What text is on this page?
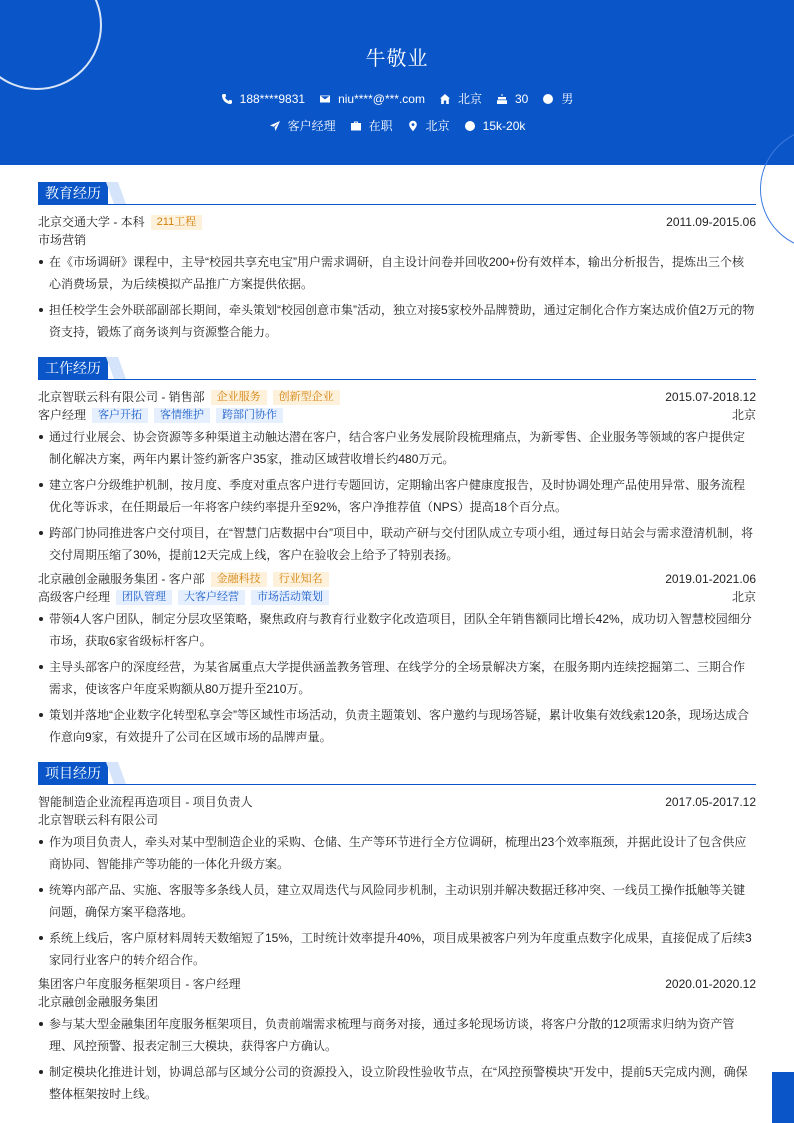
牛敬业
188****9831	niu****@***.com	北京	30	男
客户经理	在职	北京	15k-20k
教育经历
北京交通大学 - 本科	211工程	2011.09-2015.06
市场营销
在《市场调研》课程中，主导“校园共享充电宝”用户需求调研，自主设计问卷并回收200+份有效样本，输出分析报告，提炼出三个核心消费场景，为后续模拟产品推广方案提供依据。
担任校学生会外联部副部长期间，牵头策划“校园创意市集”活动，独立对接5家校外品牌赞助，通过定制化合作方案达成价值2万元的物资支持，锻炼了商务谈判与资源整合能力。
工作经历
北京智联云科有限公司 - 销售部	企业服务	创新型企业	2015.07-2018.12
客户经理	客户开拓	客情维护	跨部门协作	北京
通过行业展会、协会资源等多种渠道主动触达潜在客户，结合客户业务发展阶段梳理痛点，为新零售、企业服务等领域的客户提供定制化解决方案，两年内累计签约新客户35家，推动区域营收增长约480万元。
建立客户分级维护机制，按月度、季度对重点客户进行专题回访，定期输出客户健康度报告，及时协调处理产品使用异常、服务流程优化等诉求，在任期最后一年将客户续约率提升至92%，客户净推荐值（NPS）提高18个百分点。
跨部门协同推进客户交付项目，在“智慧门店数据中台”项目中，联动产研与交付团队成立专项小组，通过每日站会与需求澄清机制，将交付周期压缩了30%，提前12天完成上线，客户在验收会上给予了特别表扬。
北京融创金融服务集团 - 客户部	金融科技	行业知名	2019.01-2021.06
高级客户经理	团队管理	大客户经营	市场活动策划	北京
带领4人客户团队，制定分层攻坚策略，聚焦政府与教育行业数字化改造项目，团队全年销售额同比增长42%，成功切入智慧校园细分市场，获取6家省级标杆客户。
主导头部客户的深度经营，为某省属重点大学提供涵盖教务管理、在线学分的全场景解决方案，在服务期内连续挖掘第二、三期合作需求，使该客户年度采购额从80万提升至210万。
策划并落地“企业数字化转型私享会”等区域性市场活动，负责主题策划、客户邀约与现场答疑，累计收集有效线索120条，现场达成合作意向9家，有效提升了公司在区域市场的品牌声量。
项目经历
智能制造企业流程再造项目 - 项目负责人	2017.05-2017.12
北京智联云科有限公司
作为项目负责人，牵头对某中型制造企业的采购、仓储、生产等环节进行全方位调研，梳理出23个效率瓶颈，并据此设计了包含供应商协同、智能排产等功能的一体化升级方案。
统筹内部产品、实施、客服等多条线人员，建立双周迭代与风险同步机制，主动识别并解决数据迁移冲突、一线员工操作抵触等关键问题，确保方案平稳落地。
系统上线后，客户原材料周转天数缩短了15%，工时统计效率提升40%，项目成果被客户列为年度重点数字化成果，直接促成了后续3家同行业客户的转介绍合作。
集团客户年度服务框架项目 - 客户经理	2020.01-2020.12
北京融创金融服务集团
参与某大型金融集团年度服务框架项目，负责前端需求梳理与商务对接，通过多轮现场访谈，将客户分散的12项需求归纳为资产管理、风控预警、报表定制三大模块，获得客户方确认。
制定模块化推进计划，协调总部与区域分公司的资源投入，设立阶段性验收节点，在“风控预警模块”开发中，提前5天完成内测，确保整体框架按时上线。
